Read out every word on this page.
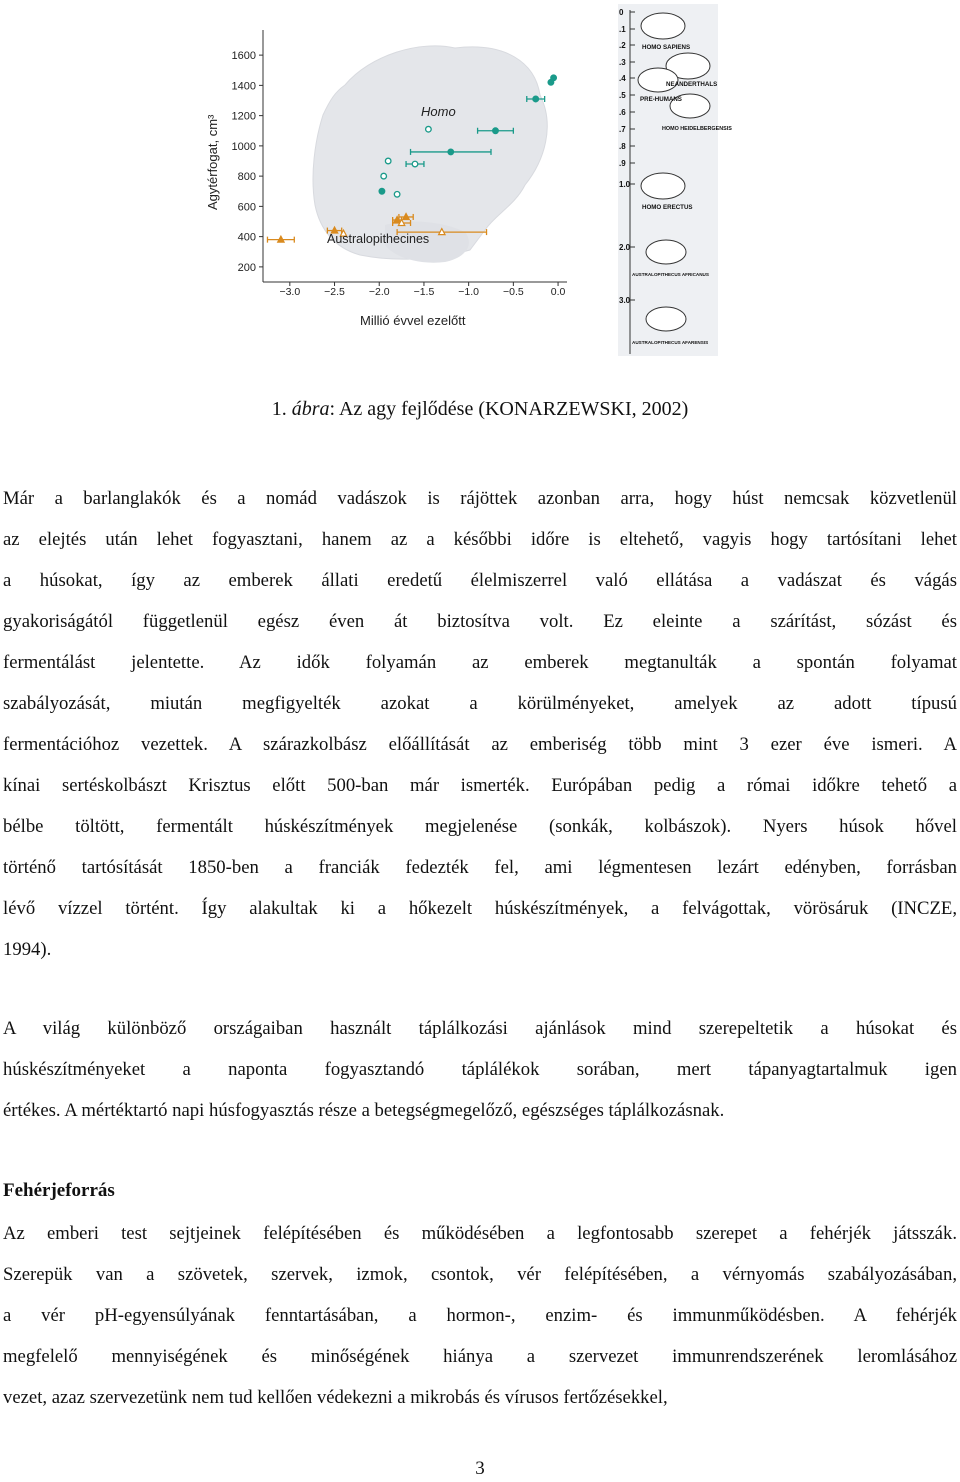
200
400
600
800
1000
1200
1400
1600
−3.0 −2.5 −2.0 −1.5 −1.0 −0.5	0.0
Homo
Australopithecines
Agytérfogat, cm³
Millió évvel ezelőtt
0
.1
.2
.3
.4
.5
.6
.7
.8
.9
1.0
2.0
3.0
HOMO SAPIENS
NEANDERTHALS
PRE-HUMANS
HOMO HEIDELBERGENSIS
HOMO ERECTUS
AUSTRALOPITHECUS AFRICANUS
AUSTRALOPITHECUS AFARENSIS
1. ábra: Az agy fejlődése (KONARZEWSKI, 2002)

Már a barlanglakók és a nomád vadászok is rájöttek azonban arra, hogy húst nemcsak közvetlenül
az elejtés után lehet fogyasztani, hanem az a későbbi időre is eltehető, vagyis hogy tartósítani lehet
a húsokat, így az emberek állati eredetű élelmiszerrel való ellátása a vadászat és vágás
gyakoriságától függetlenül egész éven át biztosítva volt. Ez eleinte a szárítást, sózást és
fermentálást jelentette. Az idők folyamán az emberek megtanulták a spontán folyamat
szabályozását, miután megfigyelték azokat a körülményeket, amelyek az adott típusú
fermentációhoz vezettek. A szárazkolbász előállítását az emberiség több mint 3 ezer éve ismeri. A
kínai sertéskolbászt Krisztus előtt 500-ban már ismerték. Európában pedig a római időkre tehető a
bélbe töltött, fermentált húskészítmények megjelenése (sonkák, kolbászok). Nyers húsok hővel
történő tartósítását 1850-ben a franciák fedezték fel, ami légmentesen lezárt edényben, forrásban
lévő vízzel történt. Így alakultak ki a hőkezelt húskészítmények, a felvágottak, vörösáruk (INCZE,
1994).

A világ különböző országaiban használt táplálkozási ajánlások mind szerepeltetik a húsokat és
húskészítményeket a naponta fogyasztandó táplálékok sorában, mert tápanyagtartalmuk igen
értékes. A mértéktartó napi húsfogyasztás része a betegségmegelőző, egészséges táplálkozásnak.

Fehérjeforrás

Az emberi test sejtjeinek felépítésében és működésében a legfontosabb szerepet a fehérjék játsszák.
Szerepük van a szövetek, szervek, izmok, csontok, vér felépítésében, a vérnyomás szabályozásában,
a vér pH-egyensúlyának fenntartásában, a hormon-, enzim- és immunműködésben. A fehérjék
megfelelő mennyiségének és minőségének hiánya a szervezet immunrendszerének leromlásához
vezet, azaz szervezetünk nem tud kellően védekezni a mikrobás és vírusos fertőzésekkel,

3
